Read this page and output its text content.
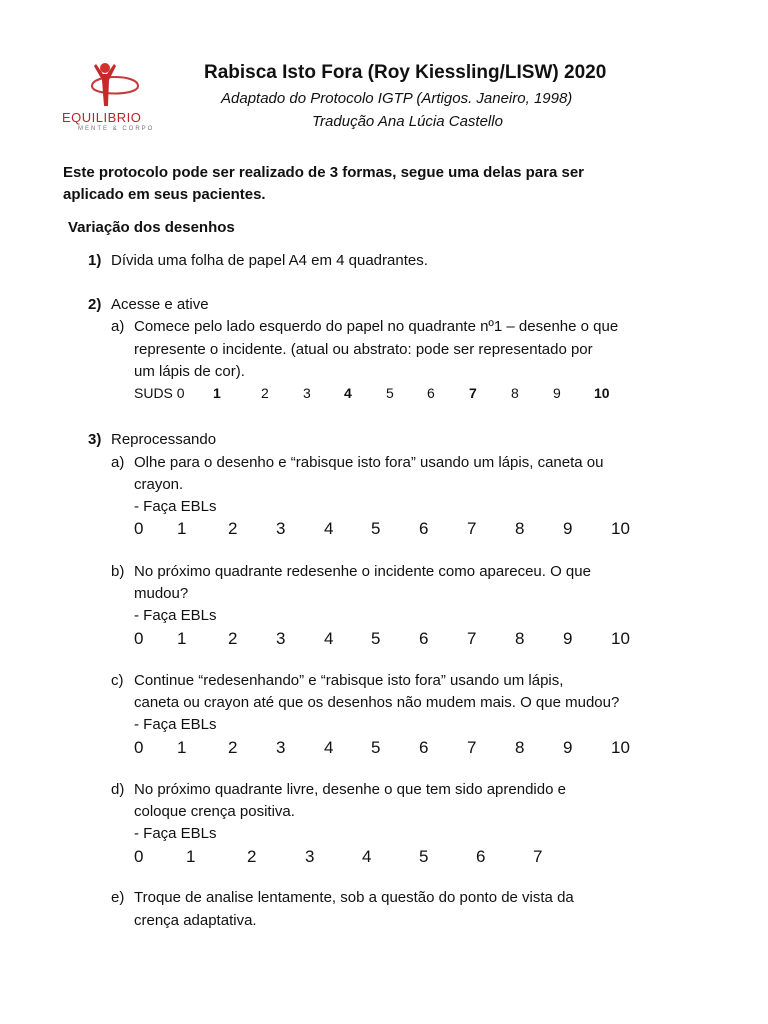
EQUILIBRIO
MENTE & CORPO
Rabisca Isto Fora (Roy Kiessling/LISW) 2020
Adaptado do Protocolo IGTP (Artigos. Janeiro, 1998)
Tradução Ana Lúcia Castello
Este protocolo pode ser realizado de 3 formas, segue uma delas para ser
aplicado em seus pacientes.
Variação dos desenhos
1) Dívida uma folha de papel A4 em 4 quadrantes.
2) Acesse e ative
a) Comece pelo lado esquerdo do papel no quadrante nº1 – desenhe o que
represente o incidente. (atual ou abstrato: pode ser representado por
um lápis de cor).
SUDS 0 1	2 3 4 5 6 7 8 9 10
3) Reprocessando
a) Olhe para o desenho e “rabisque isto fora” usando um lápis, caneta ou
crayon.
- Faça EBLs
0 1 2 3 4 5 6 7 8 9 10
b) No próximo quadrante redesenhe o incidente como apareceu. O que
mudou?
- Faça EBLs
0 1 2 3 4 5 6 7 8 9 10
c) Continue “redesenhando” e “rabisque isto fora” usando um lápis,
caneta ou crayon até que os desenhos não mudem mais. O que mudou?
- Faça EBLs
0 1 2 3 4 5 6 7 8 9 10
d) No próximo quadrante livre, desenhe o que tem sido aprendido e
coloque crença positiva.
- Faça EBLs
0	1	2	3	4	5	6	7
e) Troque de analise lentamente, sob a questão do ponto de vista da
crença adaptativa.
